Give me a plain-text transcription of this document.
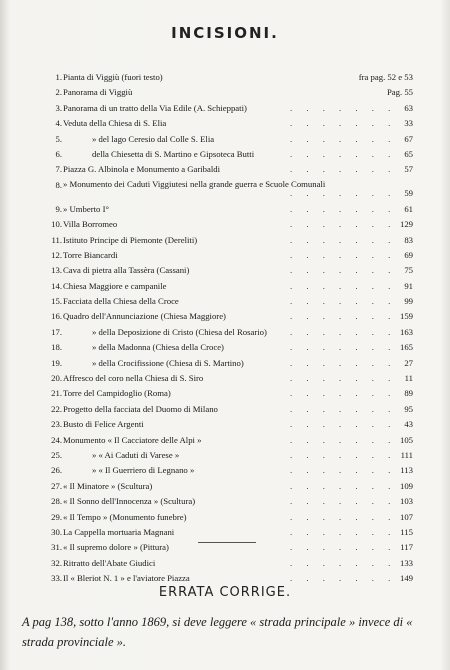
INCISIONI.
1. Pianta di Viggiù (fuori testo)	fra pag. 52 e 53
2. Panorama di Viggiù	Pag. 55
3. Panorama di un tratto della Via Edile (A. Schieppati)	. . . . . . . 63
4. Veduta della Chiesa di S. Elia	. . . . . . . 33
5.	» del lago Ceresio dal Colle S. Elia	. . . . . . . 67
6.	della Chiesetta di S. Martino e Gipsoteca Butti	. . . . . . . 65
7. Piazza G. Albinola e Monumento a Garibaldi	. . . . . . . 57
8. » Monumento dei Caduti Viggiutesi nella grande guerra e Scuole Comunali
. . . . . . . 59
9. » Umberto I°	. . . . . . . 61
10. Villa Borromeo	. . . . . . . 129
11. Istituto Principe di Piemonte (Dereliti)	. . . . . . . 83
12. Torre Biancardi	. . . . . . . 69
13. Cava di pietra alla Tassèra (Cassani)	. . . . . . . 75
14. Chiesa Maggiore e campanile	. . . . . . . 91
15. Facciata della Chiesa della Croce	. . . . . . . 99
16. Quadro dell'Annunciazione (Chiesa Maggiore)	. . . . . . . 159
17.	» della Deposizione di Cristo (Chiesa del Rosario)	. . . . . . . 163
18.	» della Madonna (Chiesa della Croce)	. . . . . . . 165
19.	» della Crocifissione (Chiesa di S. Martino)	. . . . . . . 27
20. Affresco del coro nella Chiesa di S. Siro	. . . . . . . 11
21. Torre del Campidoglio (Roma)	. . . . . . . 89
22. Progetto della facciata del Duomo di Milano	. . . . . . . 95
23. Busto di Felice Argenti	. . . . . . . 43
24. Monumento « Il Cacciatore delle Alpi »	. . . . . . . 105
25.	» « Ai Caduti di Varese »	. . . . . . . 111
26.	» « Il Guerriero di Legnano »	. . . . . . . 113
27. « Il Minatore » (Scultura)	. . . . . . . 109
28. « Il Sonno dell'Innocenza » (Scultura)	. . . . . . . 103
29. « Il Tempo » (Monumento funebre)	. . . . . . . 107
30. La Cappella mortuaria Magnani	. . . . . . . 115
31. « Il supremo dolore » (Pittura)	. . . . . . . 117
32. Ritratto dell'Abate Giudici	. . . . . . . 133
33. Il « Bleriot N. 1 » e l'aviatore Piazza	. . . . . . . 149
ERRATA CORRIGE.
A pag 138, sotto l'anno 1869, si deve leggere « strada principale » invece di « strada provinciale ».
